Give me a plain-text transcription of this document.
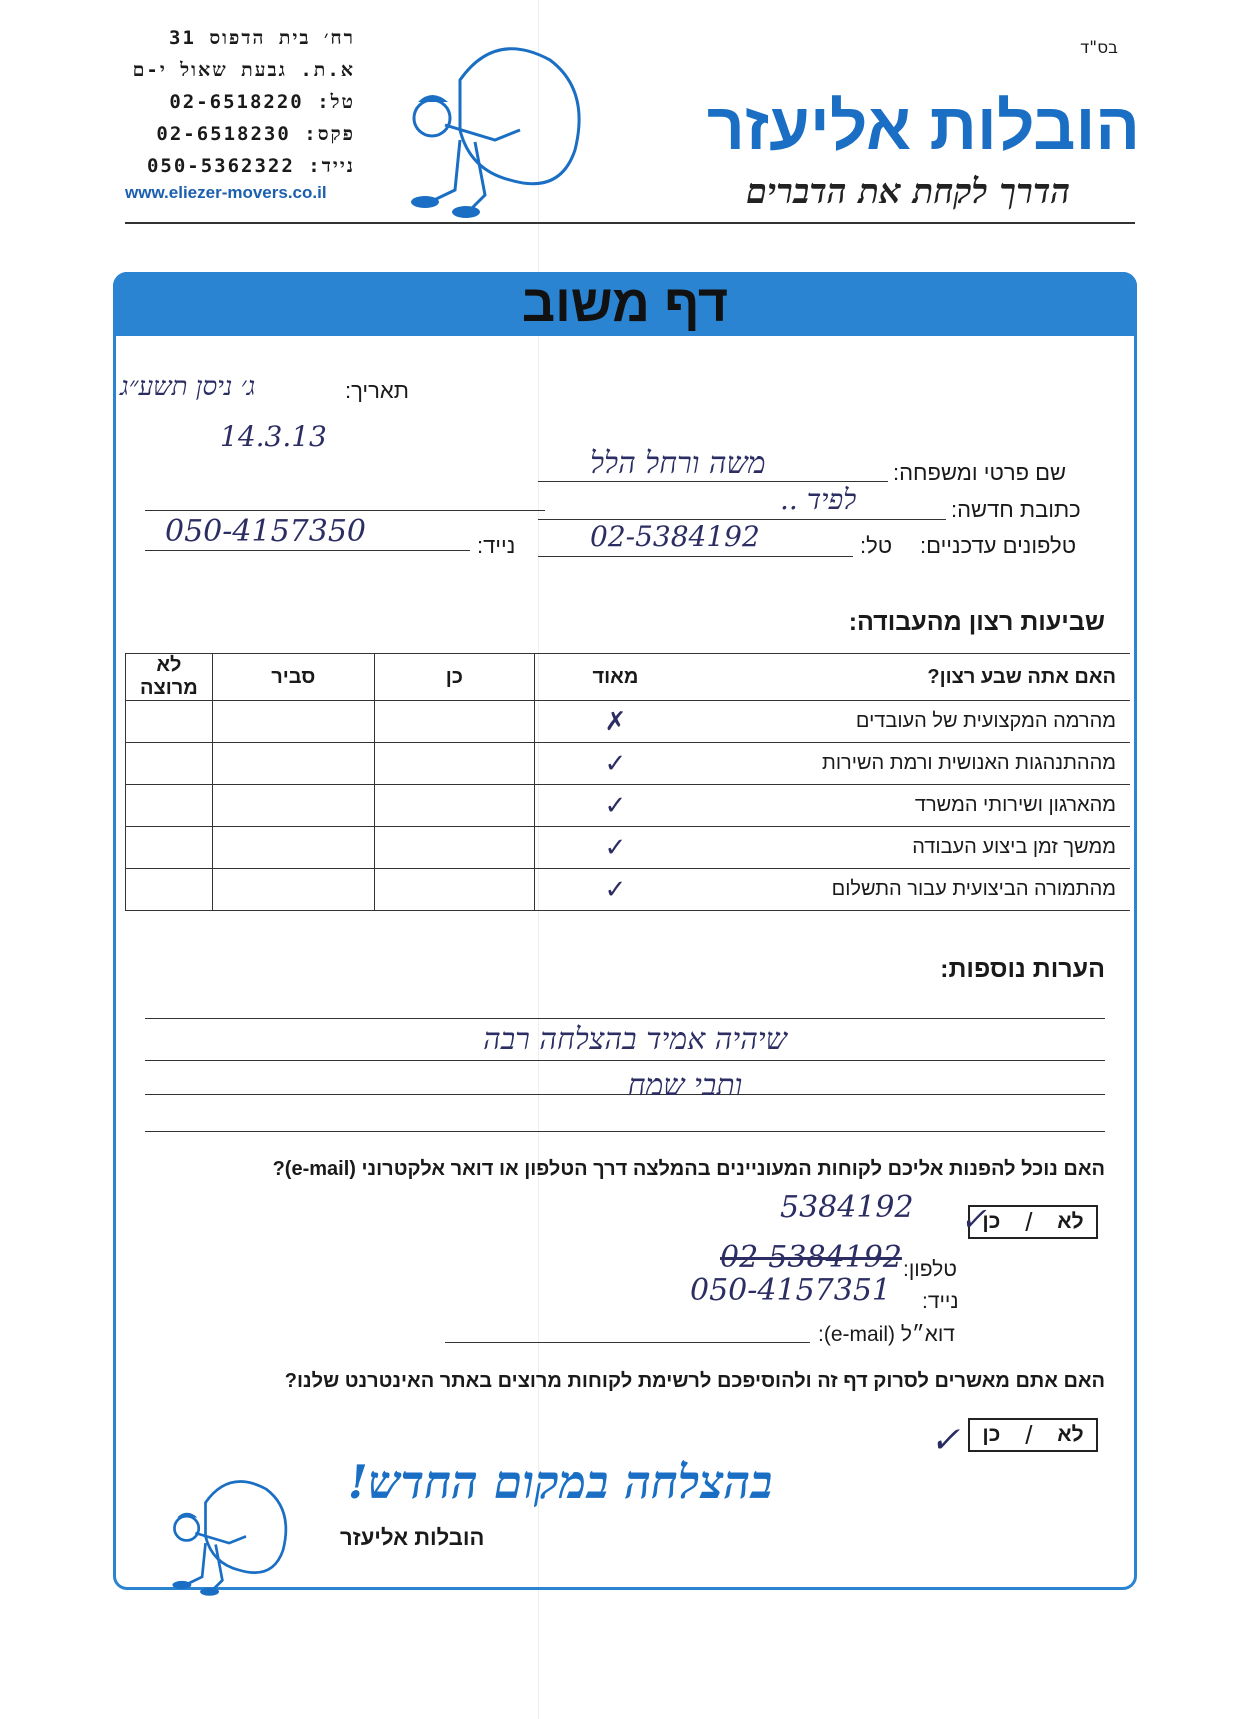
רח׳ בית הדפוס 31
א.ת. גבעת שאול י-ם
טל: 02-6518220
פקס: 02-6518230
נייד: 050-5362322
www.eliezer-movers.co.il
בס"ד
הובלות אליעזר
הדרך לקחת את הדברים
דף משוב
תאריך:
ג׳ ניסן תשע״ג
14.3.13
שם פרטי ומשפחה:
משה ורחל הלל
כתובת חדשה:
לפיד ..
טלפונים עדכניים:
טל:
02-5384192
נייד:
050-4157350
שביעות רצון מהעבודה:
האם אתה שבע רצון?	מאוד	כן	סביר	לא מרוצה
מהרמה המקצועית של העובדים	✗			
מההתנהגות האנושית ורמת השירות	✓			
מהארגון ושירותי המשרד	✓			
ממשך זמן ביצוע העבודה	✓			
מהתמורה הביצועית עבור התשלום	✓			
הערות נוספות:
שיהיה אמיד בהצלחה רבה
ותבי שמח
האם נוכל להפנות אליכם לקוחות המעוניינים בהמלצה דרך הטלפון או דואר אלקטרוני (e-mail)?
לא
/
כן
✓
5384192
טלפון:
02-5384192
נייד:
050-4157351
דוא״ל (e-mail):
האם אתם מאשרים לסרוק דף זה ולהוסיפכם לרשימת לקוחות מרוצים באתר האינטרנט שלנו?
לא
/
כן
✓
בהצלחה במקום החדש!
הובלות אליעזר
